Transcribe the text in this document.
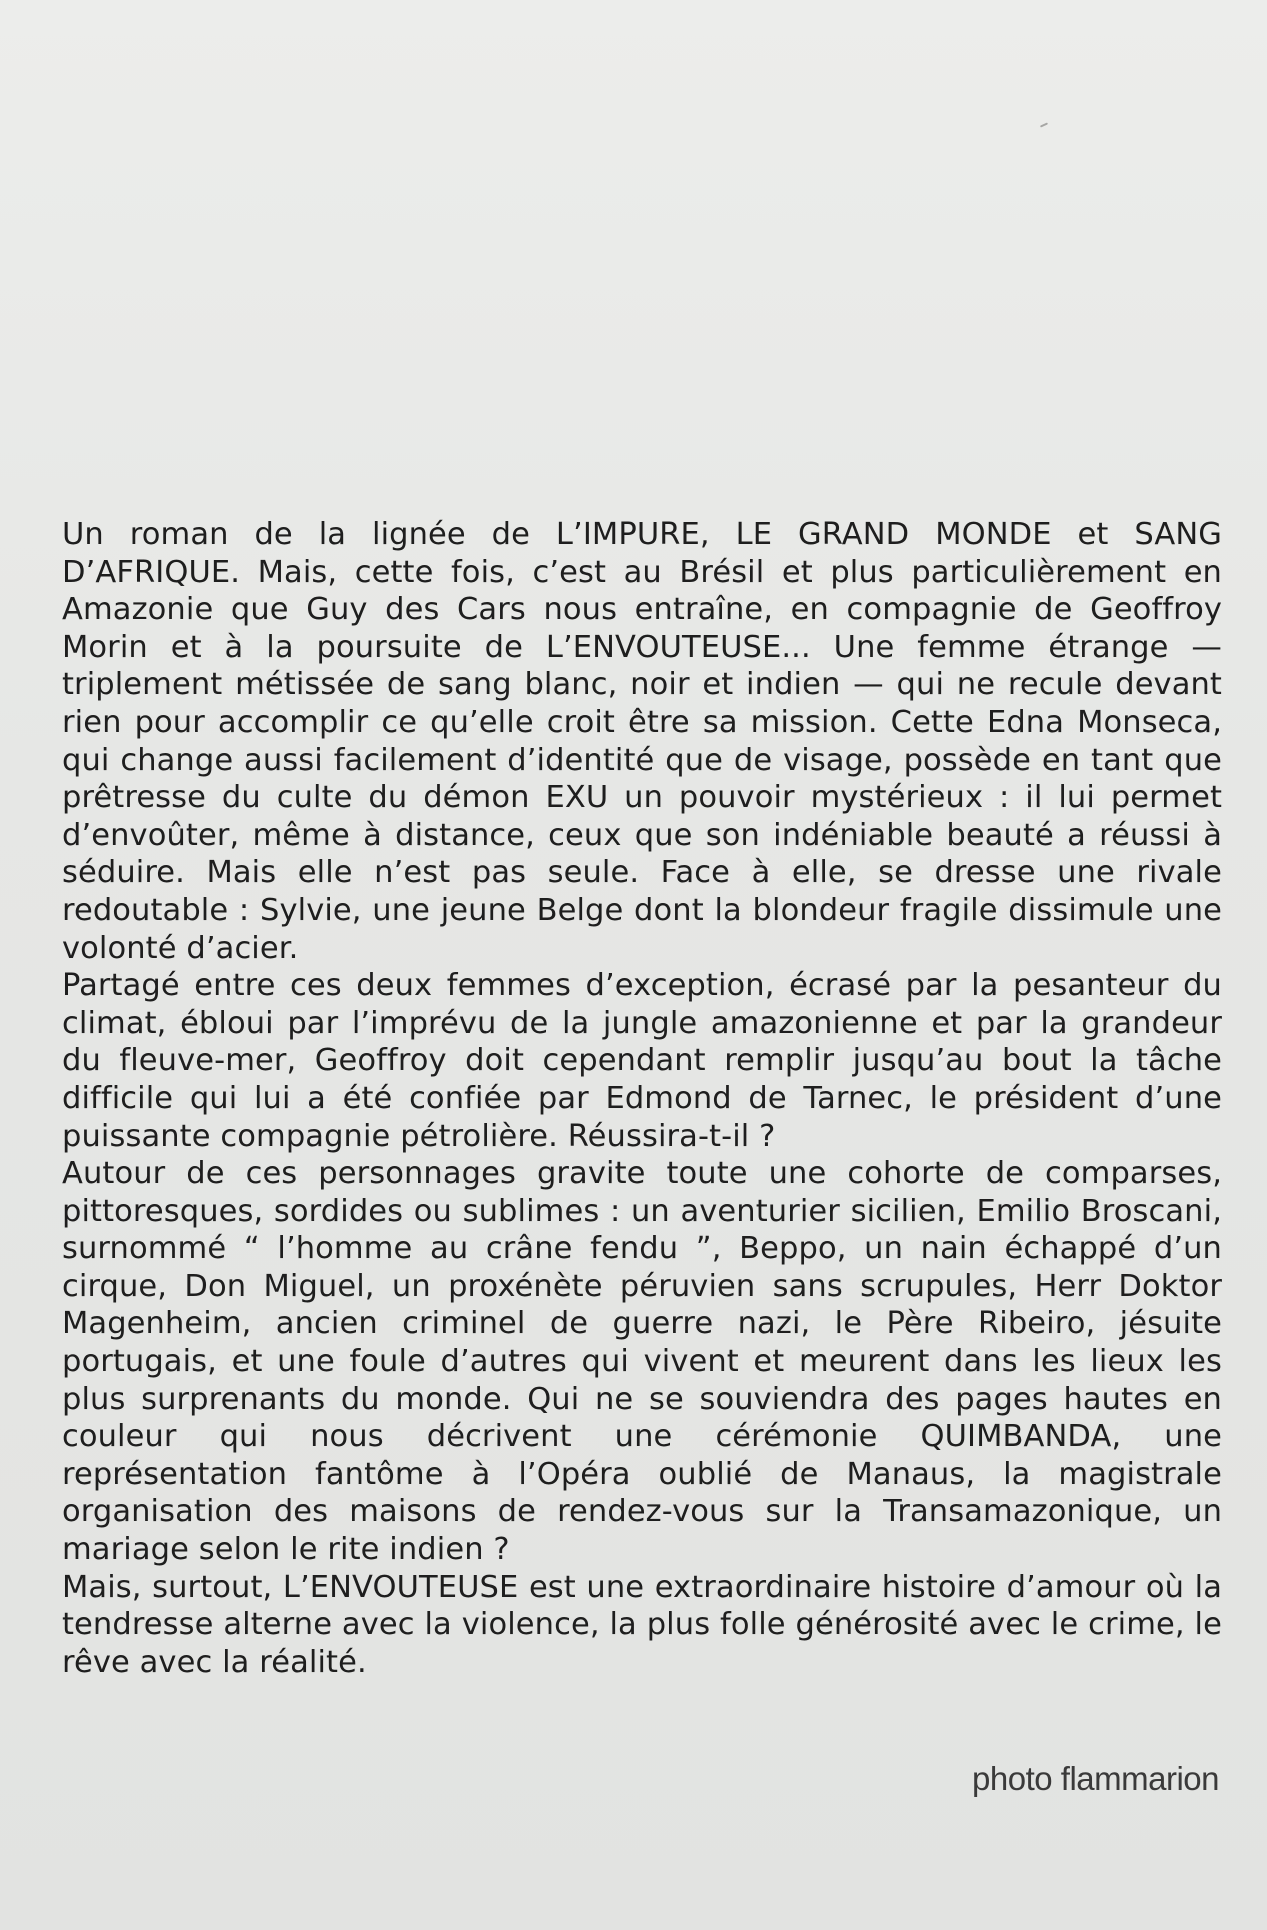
Un roman de la lignée de L’IMPURE, LE GRAND MONDE et SANG D’AFRIQUE. Mais, cette fois, c’est au Brésil et plus particulièrement en Amazonie que Guy des Cars nous entraîne, en compagnie de Geoffroy Morin et à la poursuite de L’ENVOUTEUSE... Une femme étrange — triplement métissée de sang blanc, noir et indien — qui ne recule devant rien pour accomplir ce qu’elle croit être sa mission. Cette Edna Monseca, qui change aussi facilement d’identité que de visage, possède en tant que prêtresse du culte du démon EXU un pouvoir mystérieux : il lui permet d’envoûter, même à distance, ceux que son indéniable beauté a réussi à séduire. Mais elle n’est pas seule. Face à elle, se dresse une rivale redoutable : Sylvie, une jeune Belge dont la blondeur fragile dissimule une volonté d’acier.

Partagé entre ces deux femmes d’exception, écrasé par la pesanteur du climat, ébloui par l’imprévu de la jungle amazonienne et par la grandeur du fleuve-mer, Geoffroy doit cependant remplir jusqu’au bout la tâche difficile qui lui a été confiée par Edmond de Tarnec, le président d’une puissante compagnie pétrolière. Réussira-t-il ?

Autour de ces personnages gravite toute une cohorte de comparses, pittoresques, sordides ou sublimes : un aventurier sicilien, Emilio Broscani, surnommé “ l’homme au crâne fendu ”, Beppo, un nain échappé d’un cirque, Don Miguel, un proxénète péruvien sans scrupules, Herr Doktor Magenheim, ancien criminel de guerre nazi, le Père Ribeiro, jésuite portugais, et une foule d’autres qui vivent et meurent dans les lieux les plus surprenants du monde. Qui ne se souviendra des pages hautes en couleur qui nous décrivent une cérémonie QUIMBANDA, une représentation fantôme à l’Opéra oublié de Manaus, la magistrale organisation des maisons de rendez-vous sur la Transamazonique, un mariage selon le rite indien ?

Mais, surtout, L’ENVOUTEUSE est une extraordinaire histoire d’amour où la tendresse alterne avec la violence, la plus folle générosité avec le crime, le rêve avec la réalité.

photo flammarion
